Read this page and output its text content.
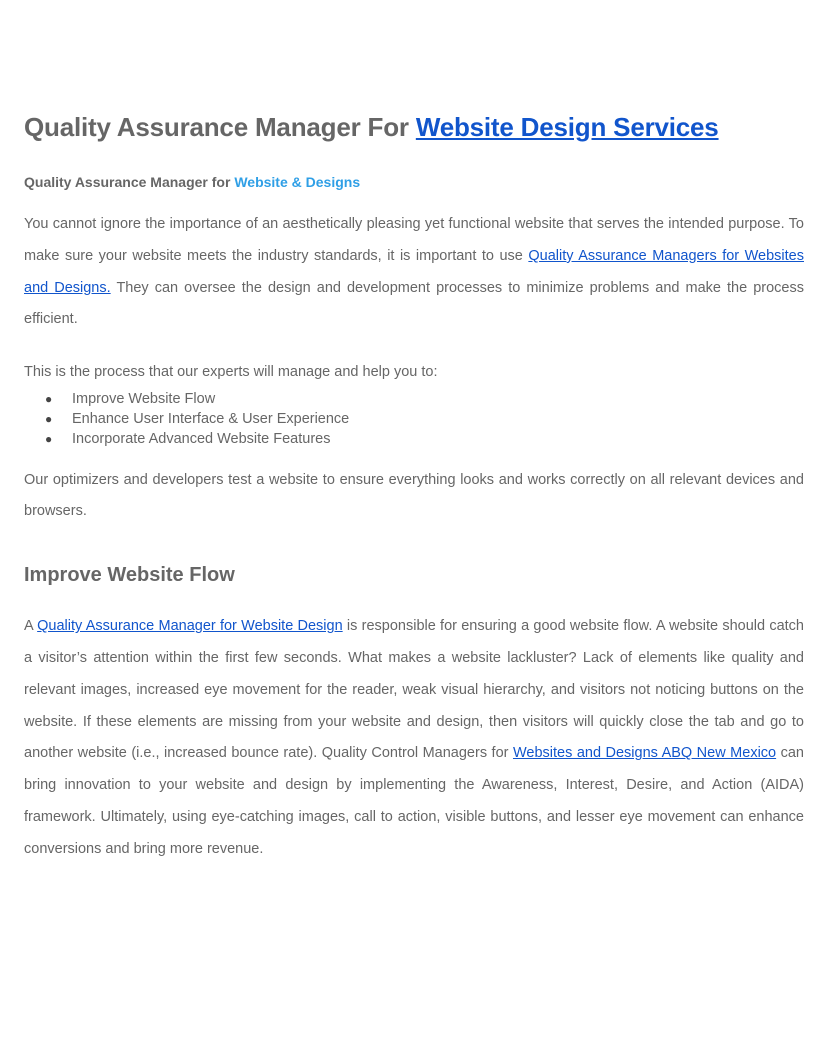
Quality Assurance Manager For Website Design Services
Quality Assurance Manager for Website & Designs

You cannot ignore the importance of an aesthetically pleasing yet functional website that serves the intended purpose. To make sure your website meets the industry standards, it is important to use Quality Assurance Managers for Websites and Designs. They can oversee the design and development processes to minimize problems and make the process efficient.

This is the process that our experts will manage and help you to:

● Improve Website Flow
● Enhance User Interface & User Experience
● Incorporate Advanced Website Features

Our optimizers and developers test a website to ensure everything looks and works correctly on all relevant devices and browsers.

Improve Website Flow

A Quality Assurance Manager for Website Design is responsible for ensuring a good website flow. A website should catch a visitor’s attention within the first few seconds. What makes a website lackluster? Lack of elements like quality and relevant images, increased eye movement for the reader, weak visual hierarchy, and visitors not noticing buttons on the website. If these elements are missing from your website and design, then visitors will quickly close the tab and go to another website (i.e., increased bounce rate). Quality Control Managers for Websites and Designs ABQ New Mexico can bring innovation to your website and design by implementing the Awareness, Interest, Desire, and Action (AIDA) framework. Ultimately, using eye-catching images, call to action, visible buttons, and lesser eye movement can enhance conversions and bring more revenue.
